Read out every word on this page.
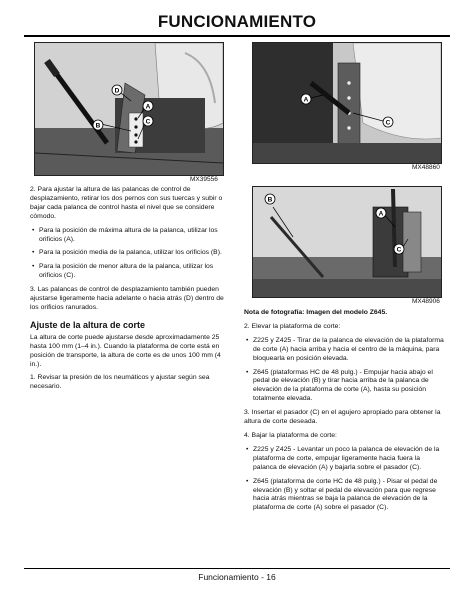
FUNCIONAMIENTO
D
A
B
C
MX39556
A
C
MX48860
B
A
C
MX48906

2. Para ajustar la altura de las palancas de control de desplazamiento, retirar los dos pernos con sus tuercas y subir o bajar cada palanca de control hasta el nivel que se considere cómodo.

• Para la posición de máxima altura de la palanca, utilizar los orificios (A).
• Para la posición media de la palanca, utilizar los orificios (B).
• Para la posición de menor altura de la palanca, utilizar los orificios (C).

3. Las palancas de control de desplazamiento también pueden ajustarse ligeramente hacia adelante o hacia atrás (D) dentro de los orificios ranurados.

Ajuste de la altura de corte

La altura de corte puede ajustarse desde aproximadamente 25 hasta 100 mm (1–4 in.). Cuando la plataforma de corte está en posición de transporte, la altura de corte es de unos 100 mm (4 in.).

1. Revisar la presión de los neumáticos y ajustar según sea necesario.

Nota de fotografía: Imagen del modelo Z645.

2. Elevar la plataforma de corte:

• Z225 y Z425 - Tirar de la palanca de elevación de la plataforma de corte (A) hacia arriba y hacia el centro de la máquina, para bloquearla en posición elevada.
• Z645 (plataformas HC de 48 pulg.) - Empujar hacia abajo el pedal de elevación (B) y tirar hacia arriba de la palanca de elevación de la plataforma de corte (A), hasta su posición totalmente elevada.

3. Insertar el pasador (C) en el agujero apropiado para obtener la altura de corte deseada.

4. Bajar la plataforma de corte:

• Z225 y Z425 - Levantar un poco la palanca de elevación de la plataforma de corte, empujar ligeramente hacia fuera la palanca de elevación (A) y bajarla sobre el pasador (C).
• Z645 (plataforma de corte HC de 48 pulg.) - Pisar el pedal de elevación (B) y soltar el pedal de elevación para que regrese hacia atrás mientras se baja la palanca de elevación de la plataforma de corte (A) sobre el pasador (C).
Funcionamiento - 16
